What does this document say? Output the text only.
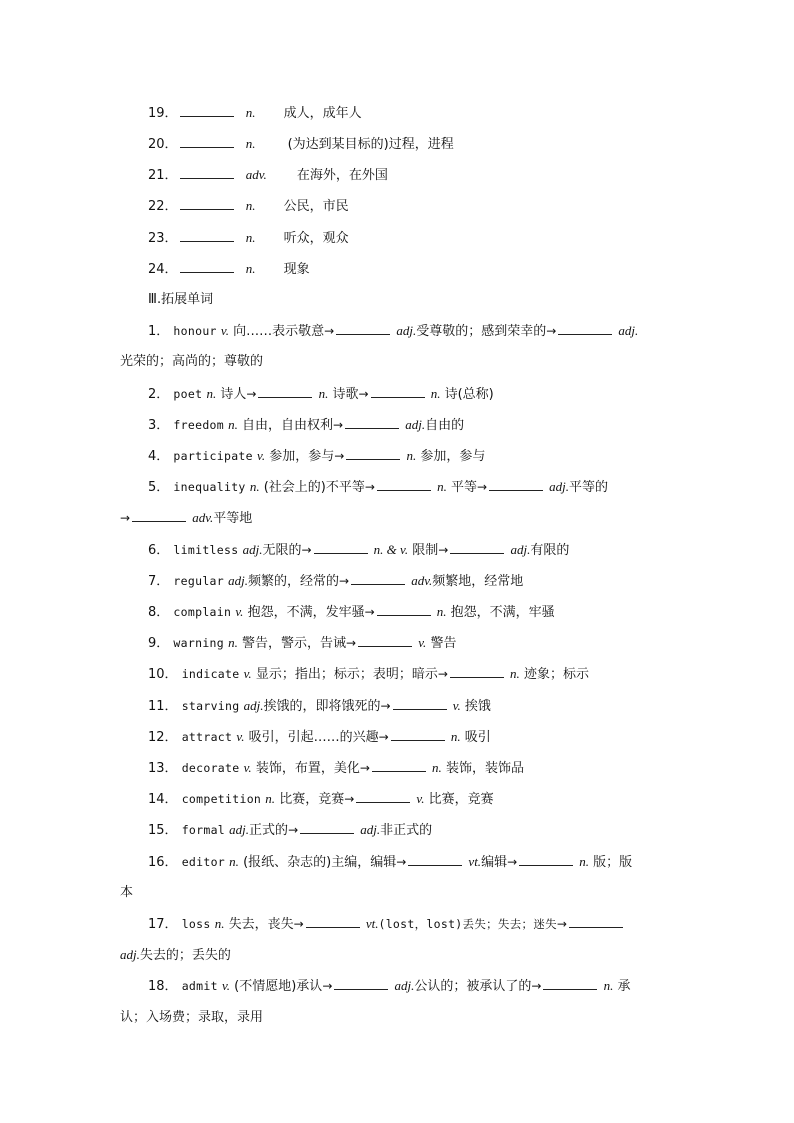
19．	n. 成人，成年人
20．	n. (为达到某目标的)过程，进程
21．	adv. 在海外，在外国
22．	n. 公民，市民
23．	n. 听众，观众
24．	n. 现象
Ⅲ.拓展单词
1． honour v. 向……表示敬意→	adj.受尊敬的；感到荣幸的→	adj.
光荣的；高尚的；尊敬的
2． poet n. 诗人→	n. 诗歌→	n. 诗(总称)
3． freedom n. 自由，自由权利→	adj.自由的
4． participate v. 参加，参与→	n. 参加，参与
5． inequality n. (社会上的)不平等→	n. 平等→	adj.平等的
→	adv.平等地
6． limitless adj.无限的→	n. & v. 限制→	adj.有限的
7． regular adj.频繁的，经常的→	adv.频繁地，经常地
8． complain v. 抱怨，不满，发牢骚→	n. 抱怨，不满，牢骚
9． warning n. 警告，警示，告诫→	v. 警告
10． indicate v. 显示；指出；标示；表明；暗示→	n. 迹象；标示
11． starving adj.挨饿的，即将饿死的→	v. 挨饿
12． attract v. 吸引，引起……的兴趣→	n. 吸引
13． decorate v. 装饰，布置，美化→	n. 装饰，装饰品
14． competition n. 比赛，竞赛→	v. 比赛，竞赛
15． formal adj.正式的→	adj.非正式的
16． editor n. (报纸、杂志的)主编，编辑→	vt.编辑→	n. 版；版
本
17． loss n. 失去，丧失→	vt.(lost，lost)丢失；失去；迷失→
adj.失去的；丢失的
18． admit v. (不情愿地)承认→	adj.公认的；被承认了的→	n. 承
认；入场费；录取，录用
